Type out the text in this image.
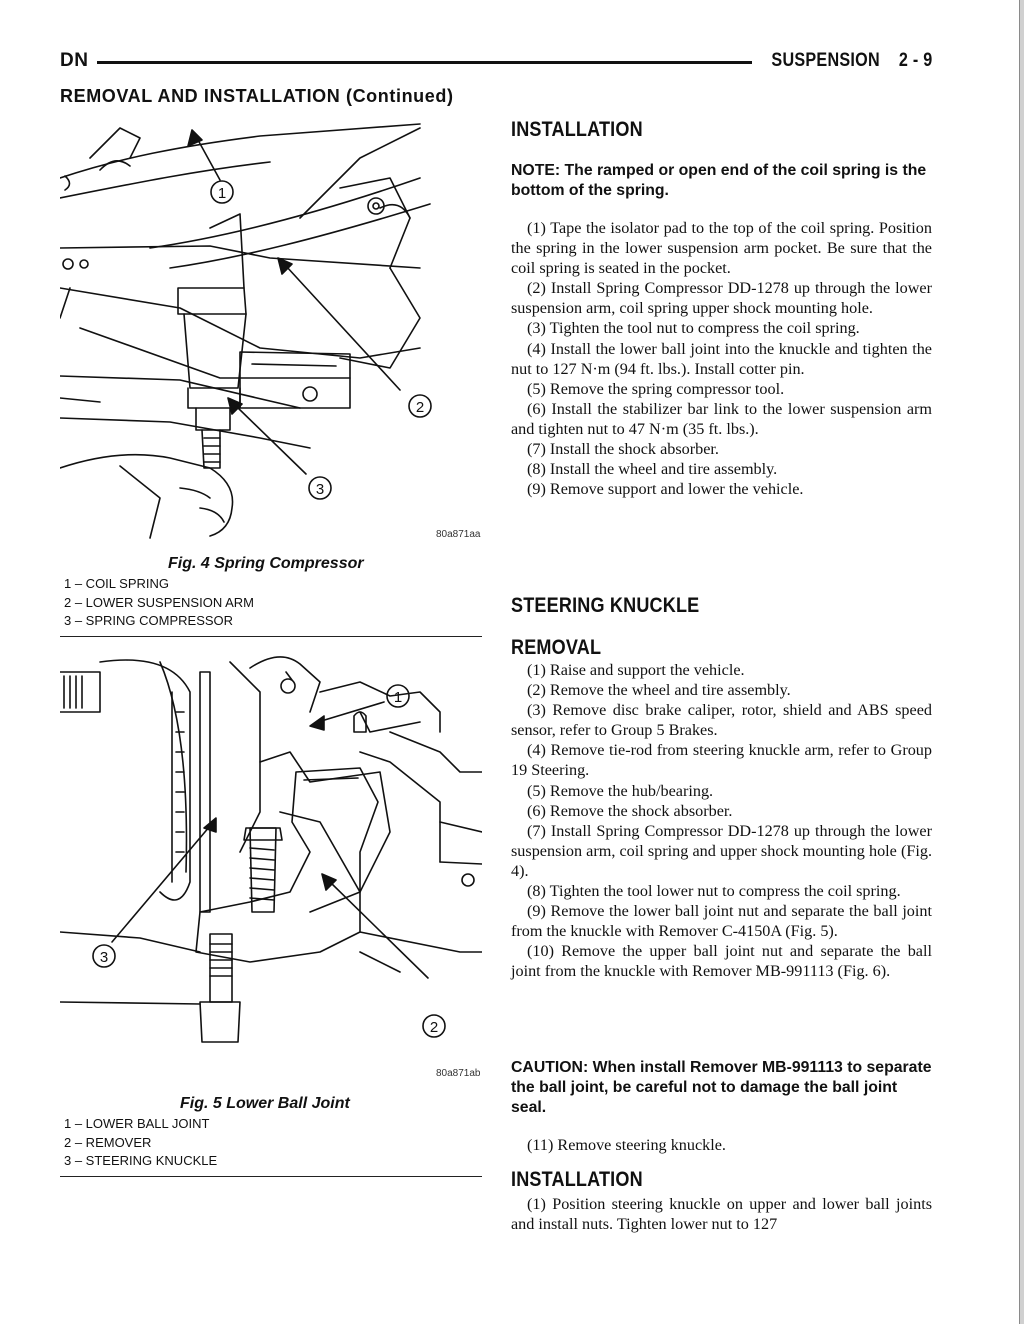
DN	SUSPENSION 2 - 9
REMOVAL AND INSTALLATION (Continued)
1
2
3
80a871aa
Fig. 4 Spring Compressor
1 – COIL SPRING
2 – LOWER SUSPENSION ARM
3 – SPRING COMPRESSOR
1
2
3
80a871ab
Fig. 5 Lower Ball Joint
1 – LOWER BALL JOINT
2 – REMOVER
3 – STEERING KNUCKLE
INSTALLATION
NOTE: The ramped or open end of the coil spring is the bottom of the spring.

(1) Tape the isolator pad to the top of the coil spring. Position the spring in the lower suspension arm pocket. Be sure that the coil spring is seated in the pocket.

(2) Install Spring Compressor DD-1278 up through the lower suspension arm, coil spring upper shock mounting hole.

(3) Tighten the tool nut to compress the coil spring.

(4) Install the lower ball joint into the knuckle and tighten the nut to 127 N·m (94 ft. lbs.). Install cotter pin.

(5) Remove the spring compressor tool.

(6) Install the stabilizer bar link to the lower suspension arm and tighten nut to 47 N·m (35 ft. lbs.).

(7) Install the shock absorber.

(8) Install the wheel and tire assembly.

(9) Remove support and lower the vehicle.

STEERING KNUCKLE
REMOVAL

(1) Raise and support the vehicle.

(2) Remove the wheel and tire assembly.

(3) Remove disc brake caliper, rotor, shield and ABS speed sensor, refer to Group 5 Brakes.

(4) Remove tie-rod from steering knuckle arm, refer to Group 19 Steering.

(5) Remove the hub/bearing.

(6) Remove the shock absorber.

(7) Install Spring Compressor DD-1278 up through the lower suspension arm, coil spring and upper shock mounting hole (Fig. 4).

(8) Tighten the tool lower nut to compress the coil spring.

(9) Remove the lower ball joint nut and separate the ball joint from the knuckle with Remover C-4150A (Fig. 5).

(10) Remove the upper ball joint nut and separate the ball joint from the knuckle with Remover MB-991113 (Fig. 6).

CAUTION: When install Remover MB-991113 to separate the ball joint, be careful not to damage the ball joint seal.

(11) Remove steering knuckle.

INSTALLATION

(1) Position steering knuckle on upper and lower ball joints and install nuts. Tighten lower nut to 127
